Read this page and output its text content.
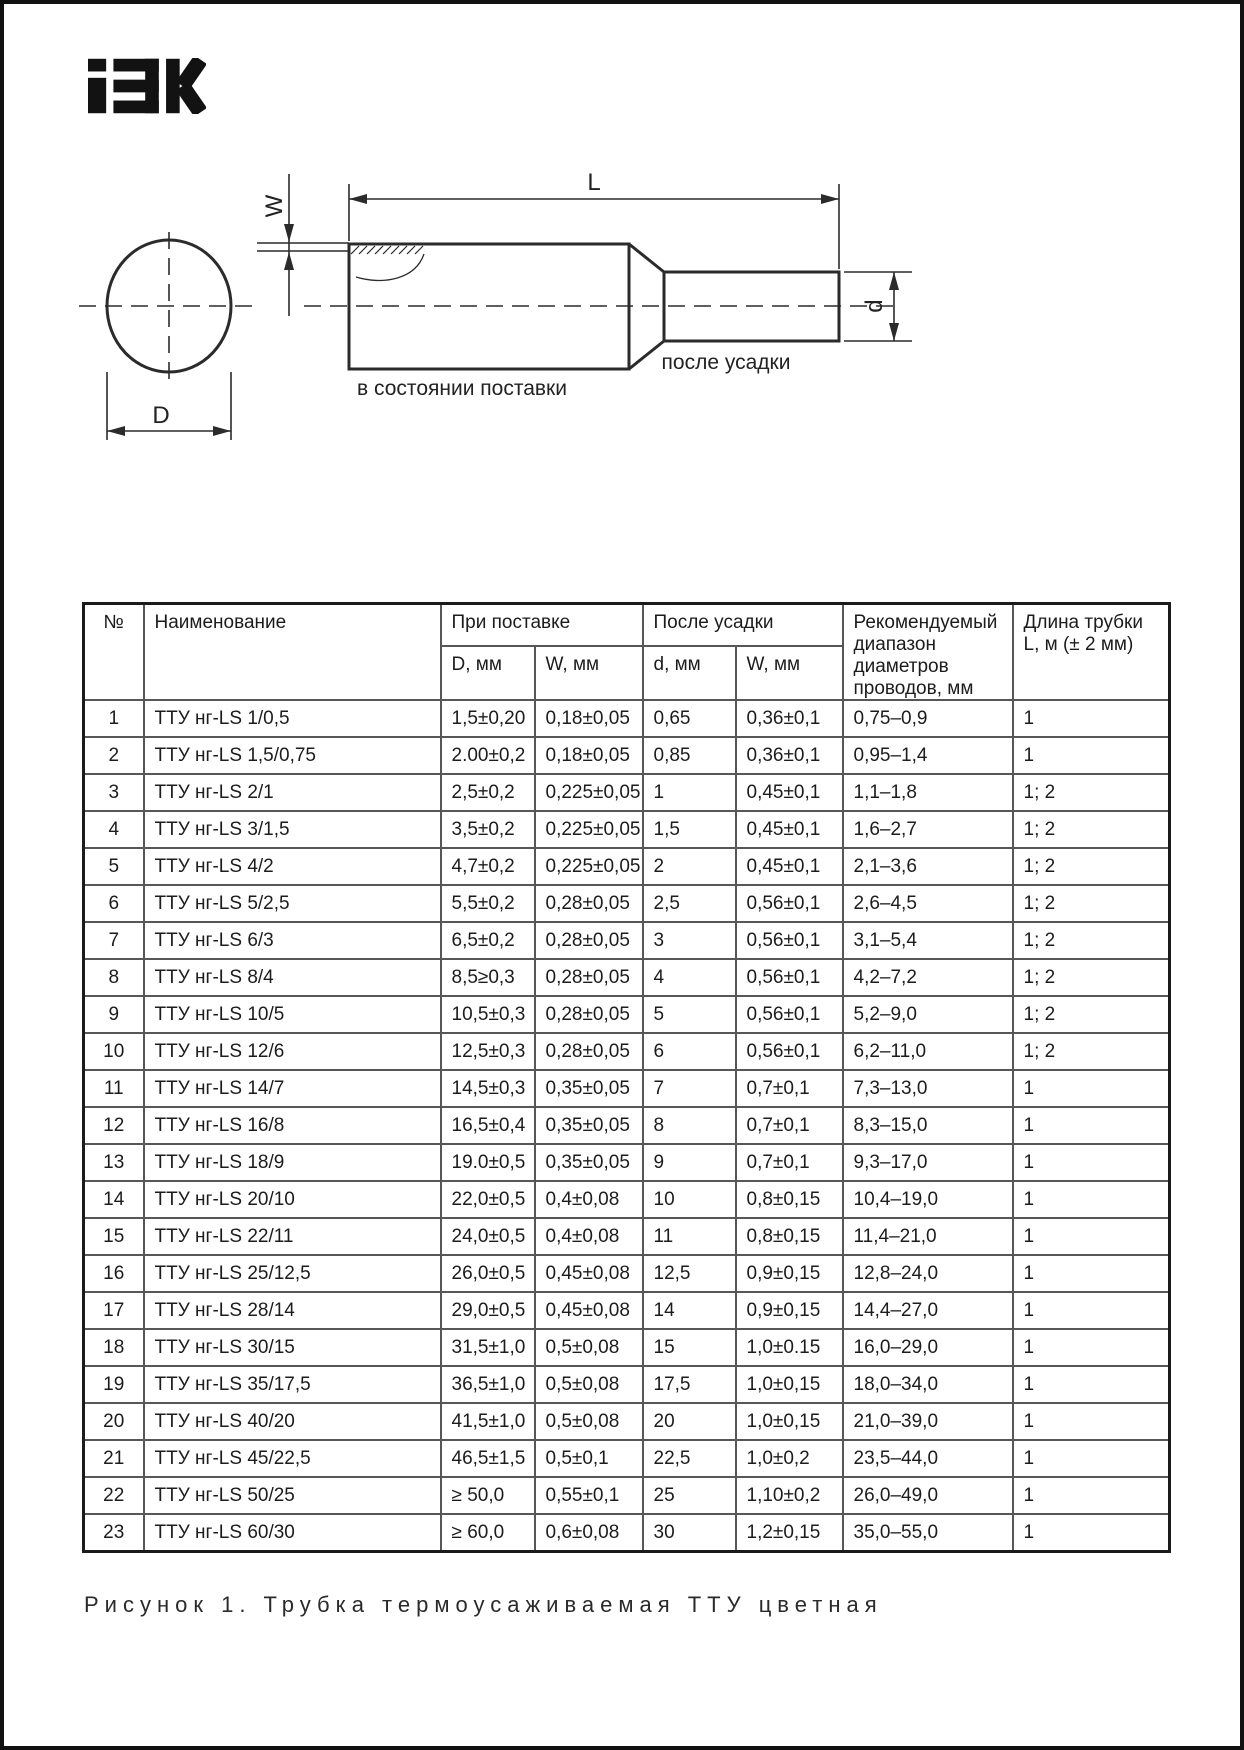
D
W
L
d
в состоянии поставки
после усадки
№	Наименование	При поставке		После усадки		Рекомендуемый диапазон диаметров проводов, мм	Длина трубки L, м (± 2 мм)
		D, мм	W, мм	d, мм	W, мм		
1	ТТУ нг-LS 1/0,5	1,5±0,20	0,18±0,05	0,65	0,36±0,1	0,75–0,9	1
2	ТТУ нг-LS 1,5/0,75	2.00±0,2	0,18±0,05	0,85	0,36±0,1	0,95–1,4	1
3	ТТУ нг-LS 2/1	2,5±0,2	0,225±0,05	1	0,45±0,1	1,1–1,8	1; 2
4	ТТУ нг-LS 3/1,5	3,5±0,2	0,225±0,05	1,5	0,45±0,1	1,6–2,7	1; 2
5	ТТУ нг-LS 4/2	4,7±0,2	0,225±0,05	2	0,45±0,1	2,1–3,6	1; 2
6	ТТУ нг-LS 5/2,5	5,5±0,2	0,28±0,05	2,5	0,56±0,1	2,6–4,5	1; 2
7	ТТУ нг-LS 6/3	6,5±0,2	0,28±0,05	3	0,56±0,1	3,1–5,4	1; 2
8	ТТУ нг-LS 8/4	8,5≥0,3	0,28±0,05	4	0,56±0,1	4,2–7,2	1; 2
9	ТТУ нг-LS 10/5	10,5±0,3	0,28±0,05	5	0,56±0,1	5,2–9,0	1; 2
10	ТТУ нг-LS 12/6	12,5±0,3	0,28±0,05	6	0,56±0,1	6,2–11,0	1; 2
11	ТТУ нг-LS 14/7	14,5±0,3	0,35±0,05	7	0,7±0,1	7,3–13,0	1
12	ТТУ нг-LS 16/8	16,5±0,4	0,35±0,05	8	0,7±0,1	8,3–15,0	1
13	ТТУ нг-LS 18/9	19.0±0,5	0,35±0,05	9	0,7±0,1	9,3–17,0	1
14	ТТУ нг-LS 20/10	22,0±0,5	0,4±0,08	10	0,8±0,15	10,4–19,0	1
15	ТТУ нг-LS 22/11	24,0±0,5	0,4±0,08	11	0,8±0,15	11,4–21,0	1
16	ТТУ нг-LS 25/12,5	26,0±0,5	0,45±0,08	12,5	0,9±0,15	12,8–24,0	1
17	ТТУ нг-LS 28/14	29,0±0,5	0,45±0,08	14	0,9±0,15	14,4–27,0	1
18	ТТУ нг-LS 30/15	31,5±1,0	0,5±0,08	15	1,0±0.15	16,0–29,0	1
19	ТТУ нг-LS 35/17,5	36,5±1,0	0,5±0,08	17,5	1,0±0,15	18,0–34,0	1
20	ТТУ нг-LS 40/20	41,5±1,0	0,5±0,08	20	1,0±0,15	21,0–39,0	1
21	ТТУ нг-LS 45/22,5	46,5±1,5	0,5±0,1	22,5	1,0±0,2	23,5–44,0	1
22	ТТУ нг-LS 50/25	≥ 50,0	0,55±0,1	25	1,10±0,2	26,0–49,0	1
23	ТТУ нг-LS 60/30	≥ 60,0	0,6±0,08	30	1,2±0,15	35,0–55,0	1
Рисунок 1. Трубка термоусаживаемая ТТУ цветная
